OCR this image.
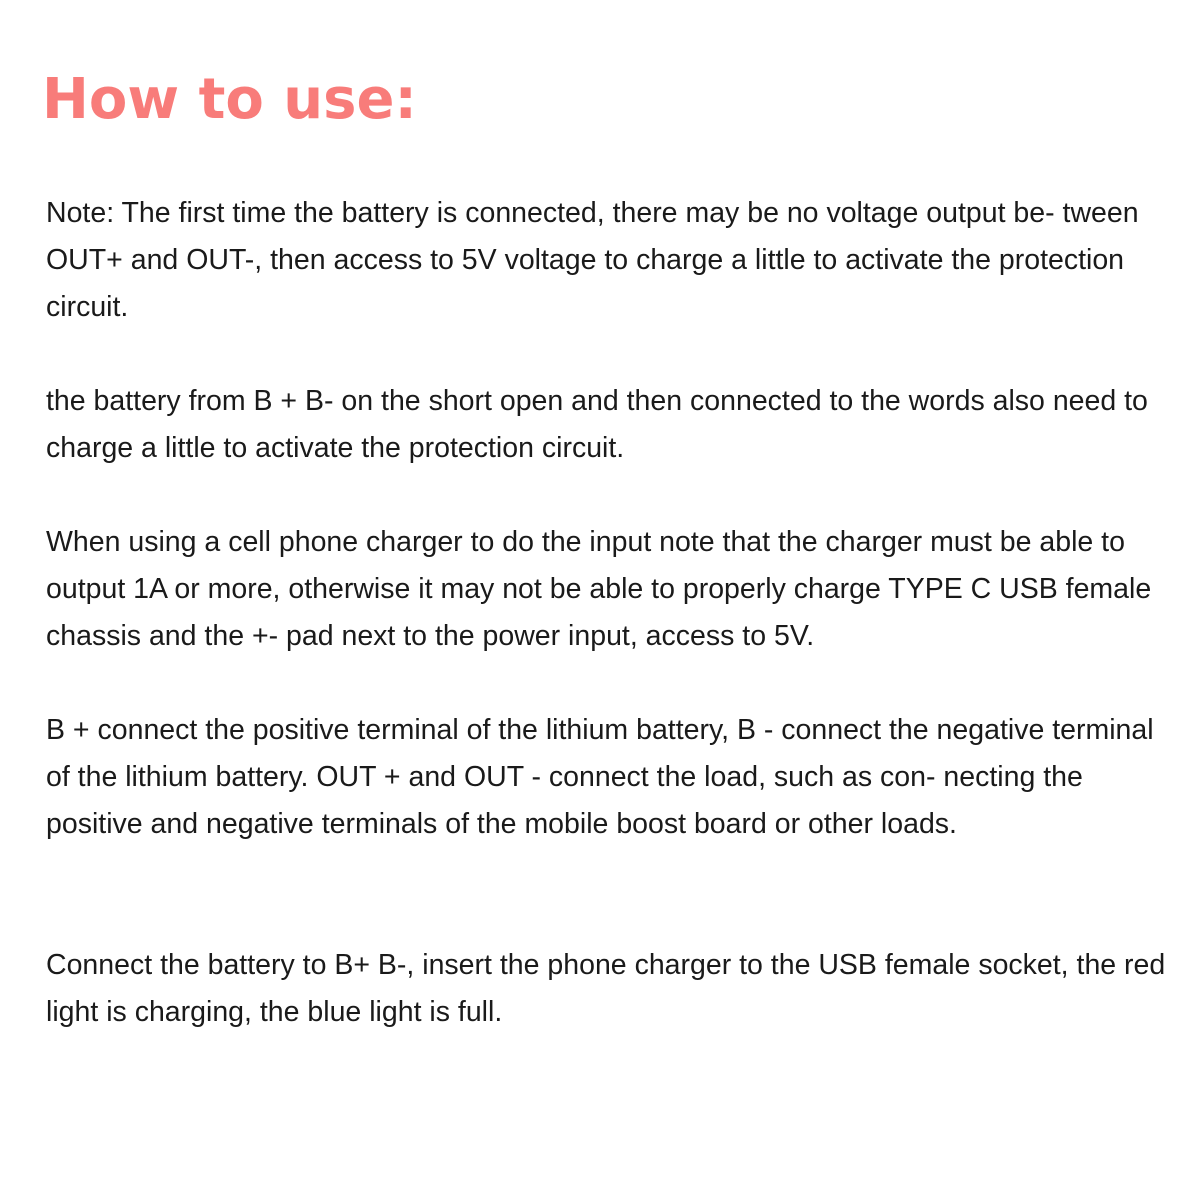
How to use:

Note: The first time the battery is connected, there may be no voltage output be- tween OUT+ and OUT-, then access to 5V voltage to charge a little to activate the protection circuit.

the battery from B + B- on the short open and then connected to the words also need to charge a little to activate the protection circuit.

When using a cell phone charger to do the input note that the charger must be able to output 1A or more, otherwise it may not be able to properly charge TYPE C USB female chassis and the +- pad next to the power input, access to 5V.

B + connect the positive terminal of the lithium battery, B - connect the negative terminal of the lithium battery. OUT + and OUT - connect the load, such as con- necting the positive and negative terminals of the mobile boost board or other loads.

Connect the battery to B+ B-, insert the phone charger to the USB female socket, the red light is charging, the blue light is full.
